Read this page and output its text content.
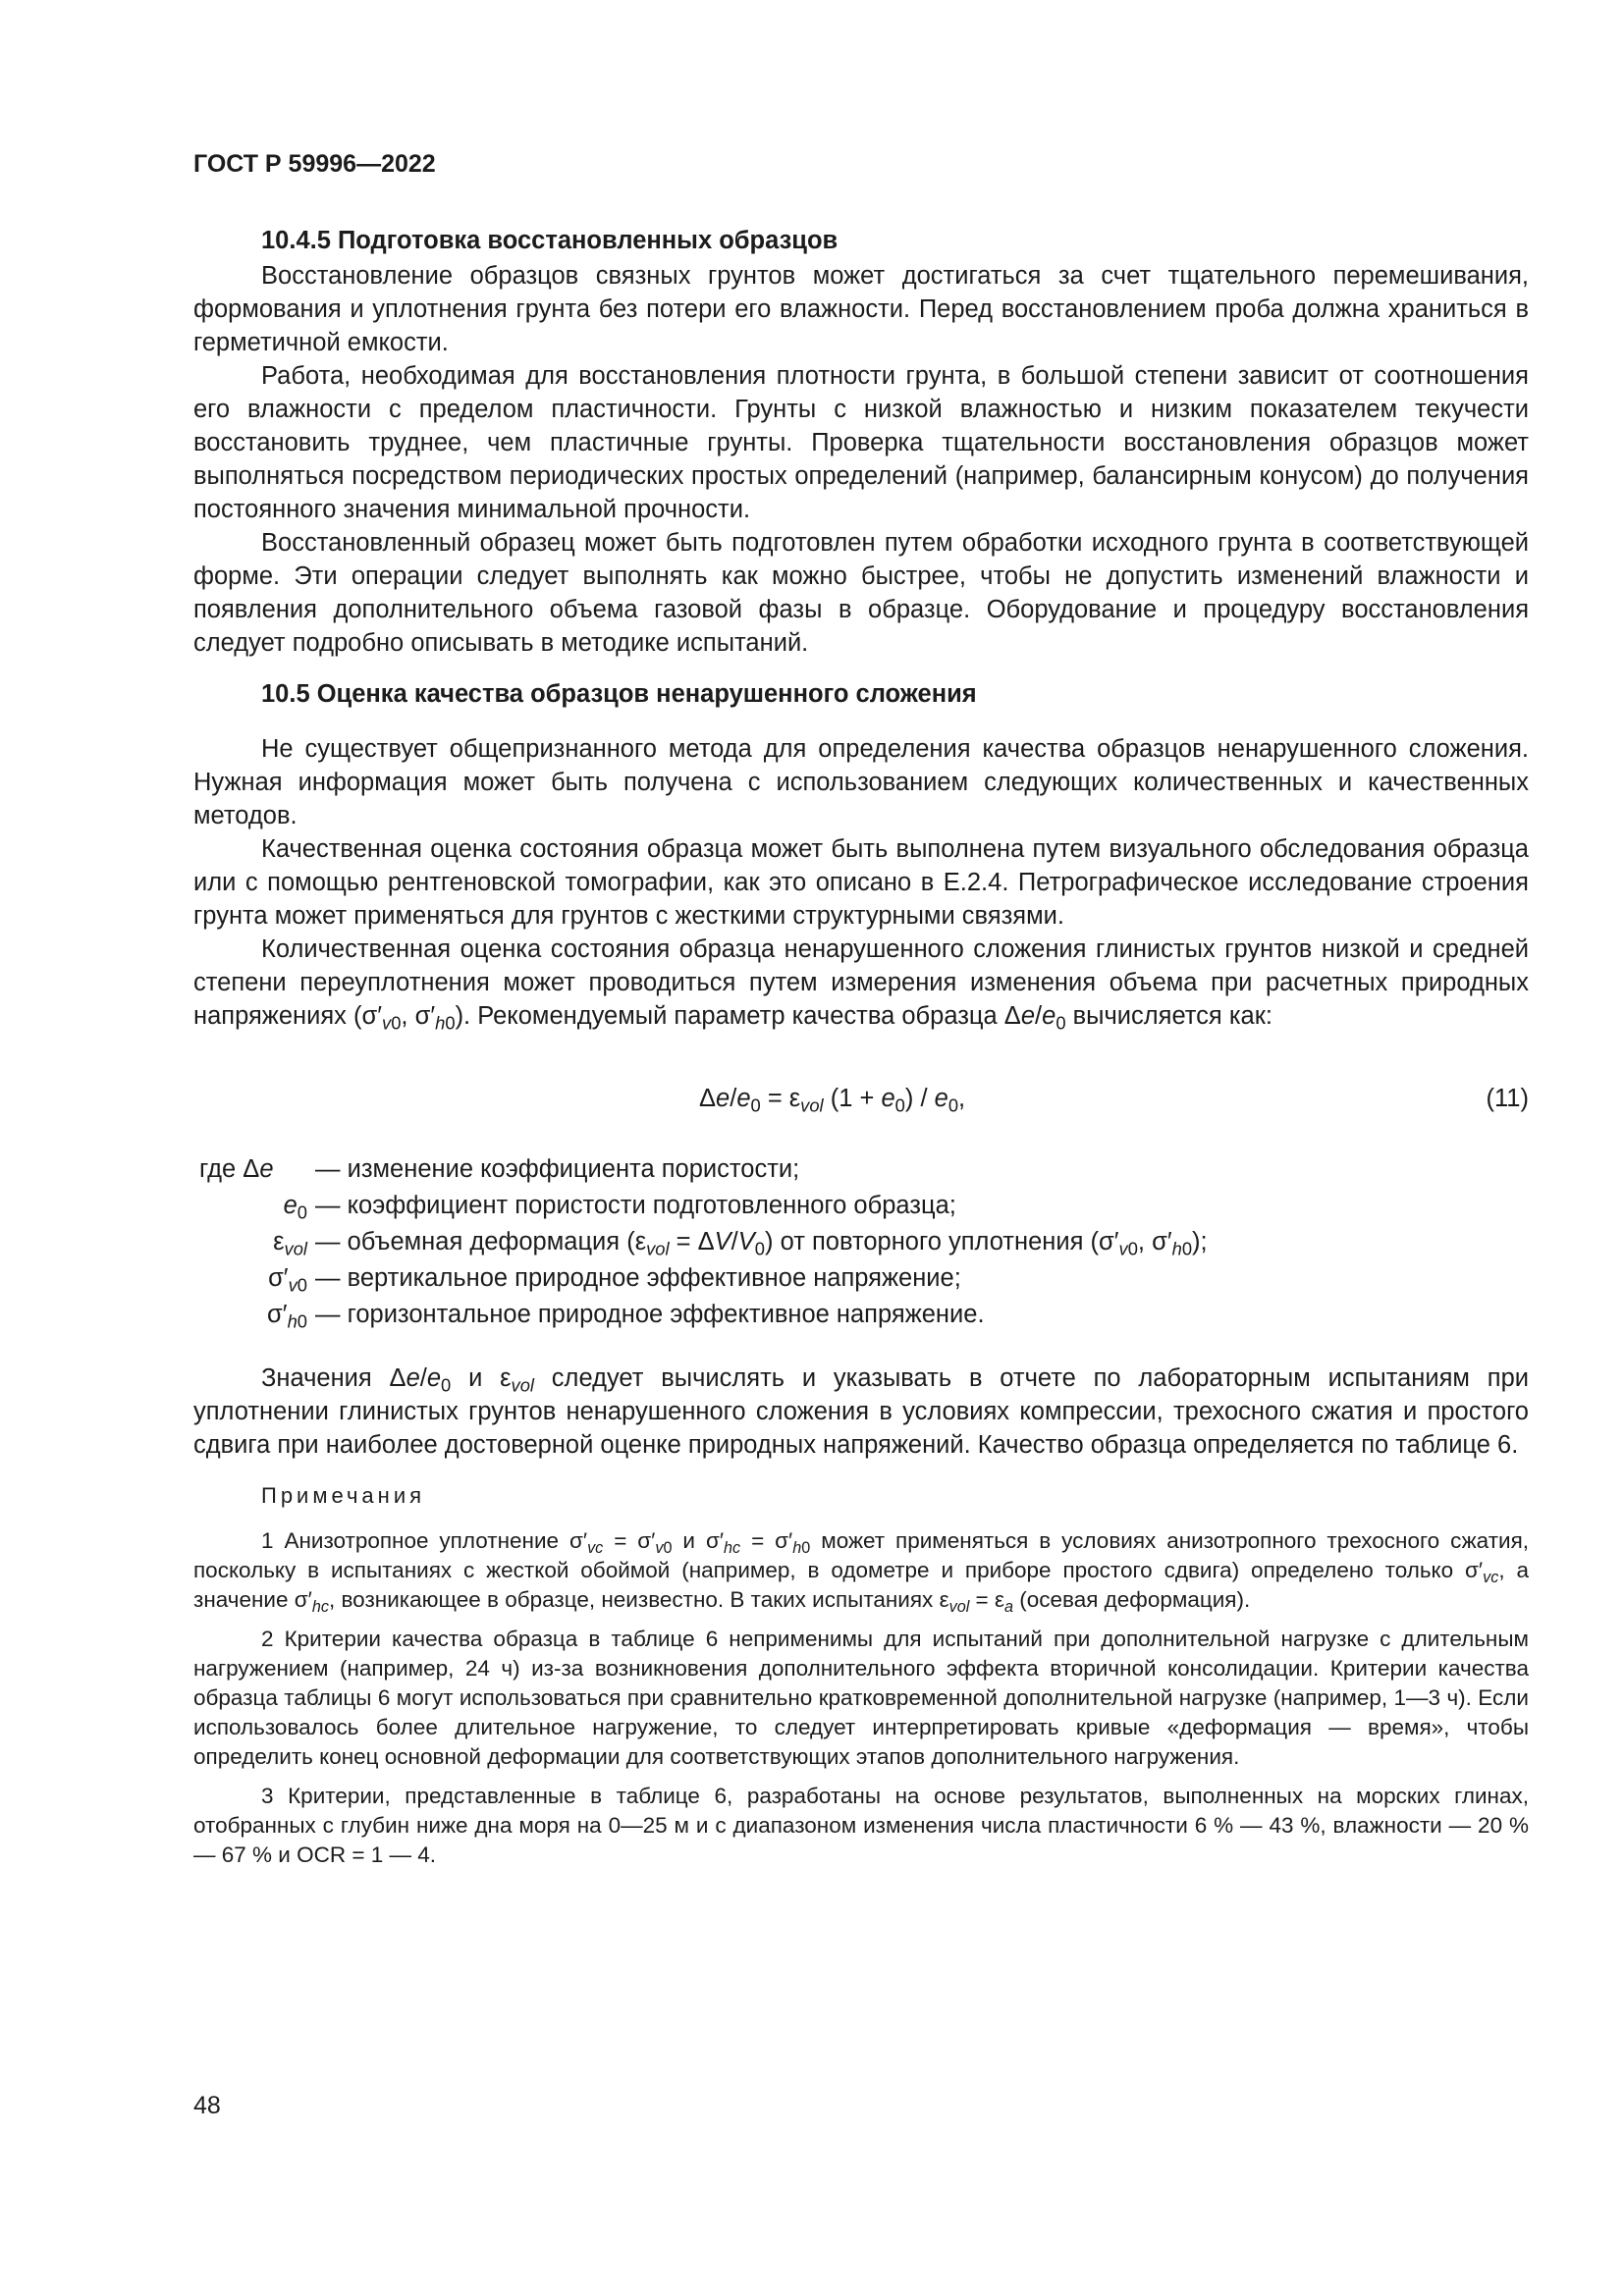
ГОСТ Р 59996—2022
10.4.5 Подготовка восстановленных образцов
Восстановление образцов связных грунтов может достигаться за счет тщательного перемешивания, формования и уплотнения грунта без потери его влажности. Перед восстановлением проба должна храниться в герметичной емкости.
Работа, необходимая для восстановления плотности грунта, в большой степени зависит от соотношения его влажности с пределом пластичности. Грунты с низкой влажностью и низким показателем текучести восстановить труднее, чем пластичные грунты. Проверка тщательности восстановления образцов может выполняться посредством периодических простых определений (например, балансирным конусом) до получения постоянного значения минимальной прочности.
Восстановленный образец может быть подготовлен путем обработки исходного грунта в соответствующей форме. Эти операции следует выполнять как можно быстрее, чтобы не допустить изменений влажности и появления дополнительного объема газовой фазы в образце. Оборудование и процедуру восстановления следует подробно описывать в методике испытаний.
10.5 Оценка качества образцов ненарушенного сложения
Не существует общепризнанного метода для определения качества образцов ненарушенного сложения. Нужная информация может быть получена с использованием следующих количественных и качественных методов.
Качественная оценка состояния образца может быть выполнена путем визуального обследования образца или с помощью рентгеновской томографии, как это описано в Е.2.4. Петрографическое исследование строения грунта может применяться для грунтов с жесткими структурными связями.
Количественная оценка состояния образца ненарушенного сложения глинистых грунтов низкой и средней степени переуплотнения может проводиться путем измерения изменения объема при расчетных природных напряжениях ($\sigma'_{v0}$, $\sigma'_{h0}$). Рекомендуемый параметр качества образца $\Delta e/e_0$ вычисляется как:
$\Delta e/e_0 = \varepsilon_{vol}$ $(1 + e_0) / e_0$,	(11)
где Δe	— изменение коэффициента пористости;
$e_0$ — коэффициент пористости подготовленного образца;
$\varepsilon_{vol}$ — объемная деформация $(\varepsilon_{vol} = \Delta V/V_0)$ от повторного уплотнения ($\sigma'_{v0}$, $\sigma'_{h0}$);
$\sigma'_{v0}$ — вертикальное природное эффективное напряжение;
$\sigma'_{h0}$ — горизонтальное природное эффективное напряжение.
Значения $\Delta e/e_0$ и $\varepsilon_{vol}$ следует вычислять и указывать в отчете по лабораторным испытаниям при уплотнении глинистых грунтов ненарушенного сложения в условиях компрессии, трехосного сжатия и простого сдвига при наиболее достоверной оценке природных напряжений. Качество образца определяется по таблице 6.
Примечания
1 Анизотропное уплотнение $\sigma'_{vc} = \sigma'_{v0}$ и $\sigma'_{hc} = \sigma'_{h0}$ может применяться в условиях анизотропного трехосного сжатия, поскольку в испытаниях с жесткой обоймой (например, в одометре и приборе простого сдвига) определено только $\sigma'_{vc}$, а значение $\sigma'_{hc}$, возникающее в образце, неизвестно. В таких испытаниях $\varepsilon_{vol} = \varepsilon_a$ (осевая деформация).
2 Критерии качества образца в таблице 6 неприменимы для испытаний при дополнительной нагрузке с длительным нагружением (например, 24 ч) из-за возникновения дополнительного эффекта вторичной консолидации. Критерии качества образца таблицы 6 могут использоваться при сравнительно кратковременной дополнительной нагрузке (например, 1—3 ч). Если использовалось более длительное нагружение, то следует интерпретировать кривые «деформация — время», чтобы определить конец основной деформации для соответствующих этапов дополнительного нагружения.
3 Критерии, представленные в таблице 6, разработаны на основе результатов, выполненных на морских глинах, отобранных с глубин ниже дна моря на 0—25 м и с диапазоном изменения числа пластичности 6 % — 43 %, влажности — 20 % — 67 % и OCR = 1 — 4.
48
